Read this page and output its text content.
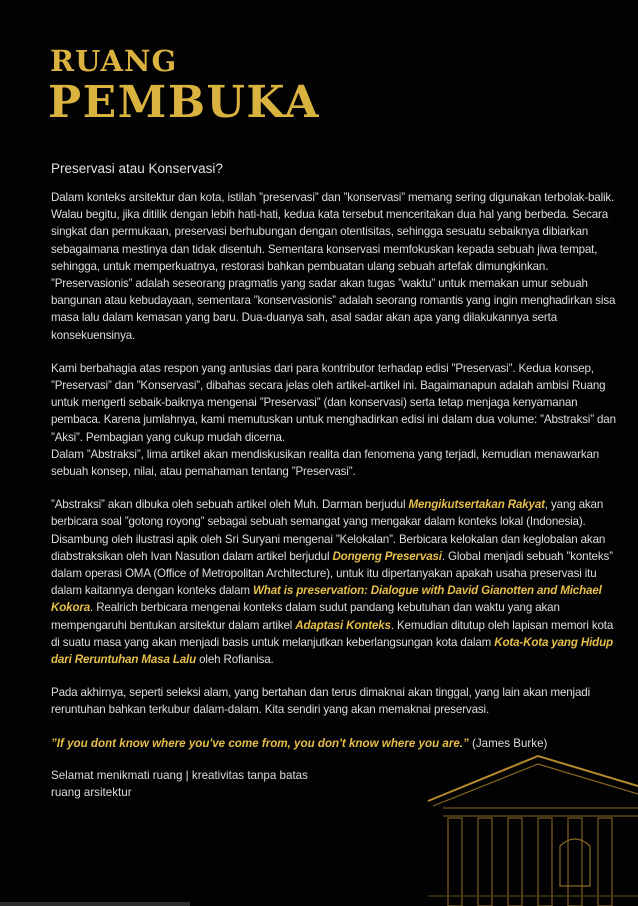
RUANG
PEMBUKA

Preservasi atau Konservasi?

Dalam konteks arsitektur dan kota, istilah ”preservasi” dan ”konservasi” memang sering digunakan terbolak-balik. Walau begitu, jika ditilik dengan lebih hati-hati, kedua kata tersebut menceritakan dua hal yang berbeda. Secara singkat dan permukaan, preservasi berhubungan dengan otentisitas, sehingga sesuatu sebaiknya dibiarkan sebagaimana mestinya dan tidak disentuh. Sementara konservasi memfokuskan kepada sebuah jiwa tempat, sehingga, untuk memperkuatnya, restorasi bahkan pembuatan ulang sebuah artefak dimungkinkan. ”Preservasionis” adalah seseorang pragmatis yang sadar akan tugas ”waktu” untuk memakan umur sebuah bangunan atau kebudayaan, sementara ”konservasionis” adalah seorang romantis yang ingin menghadirkan sisa masa lalu dalam kemasan yang baru. Dua-duanya sah, asal sadar akan apa yang dilakukannya serta konsekuensinya.

Kami berbahagia atas respon yang antusias dari para kontributor terhadap edisi ”Preservasi”. Kedua konsep, ”Preservasi” dan ”Konservasi”, dibahas secara jelas oleh artikel-artikel ini. Bagaimanapun adalah ambisi Ruang untuk mengerti sebaik-baiknya mengenai ”Preservasi” (dan konservasi) serta tetap menjaga kenyamanan pembaca. Karena jumlahnya, kami memutuskan untuk menghadirkan edisi ini dalam dua volume: ”Abstraksi” dan ”Aksi”. Pembagian yang cukup mudah dicerna.
Dalam ”Abstraksi”, lima artikel akan mendiskusikan realita dan fenomena yang terjadi, kemudian menawarkan sebuah konsep, nilai, atau pemahaman tentang ”Preservasi”.

”Abstraksi” akan dibuka oleh sebuah artikel oleh Muh. Darman berjudul Mengikutsertakan Rakyat, yang akan berbicara soal ”gotong royong” sebagai sebuah semangat yang mengakar dalam konteks lokal (Indonesia). Disambung oleh ilustrasi apik oleh Sri Suryani mengenai ”Kelokalan”. Berbicara kelokalan dan keglobalan akan diabstraksikan oleh Ivan Nasution dalam artikel berjudul Dongeng Preservasi. Global menjadi sebuah ”konteks” dalam operasi OMA (Office of Metropolitan Architecture), untuk itu dipertanyakan apakah usaha preservasi itu dalam kaitannya dengan konteks dalam What is preservation: Dialogue with David Gianotten and Michael Kokora. Realrich berbicara mengenai konteks dalam sudut pandang kebutuhan dan waktu yang akan mempengaruhi bentukan arsitektur dalam artikel Adaptasi Konteks. Kemudian ditutup oleh lapisan memori kota di suatu masa yang akan menjadi basis untuk melanjutkan keberlangsungan kota dalam Kota-Kota yang Hidup dari Reruntuhan Masa Lalu oleh Rofianisa.

Pada akhirnya, seperti seleksi alam, yang bertahan dan terus dimaknai akan tinggal, yang lain akan menjadi reruntuhan bahkan terkubur dalam-dalam. Kita sendiri yang akan memaknai preservasi.

”If you dont know where you've come from, you don't know where you are.” (James Burke)

Selamat menikmati ruang | kreativitas tanpa batas
ruang arsitektur
